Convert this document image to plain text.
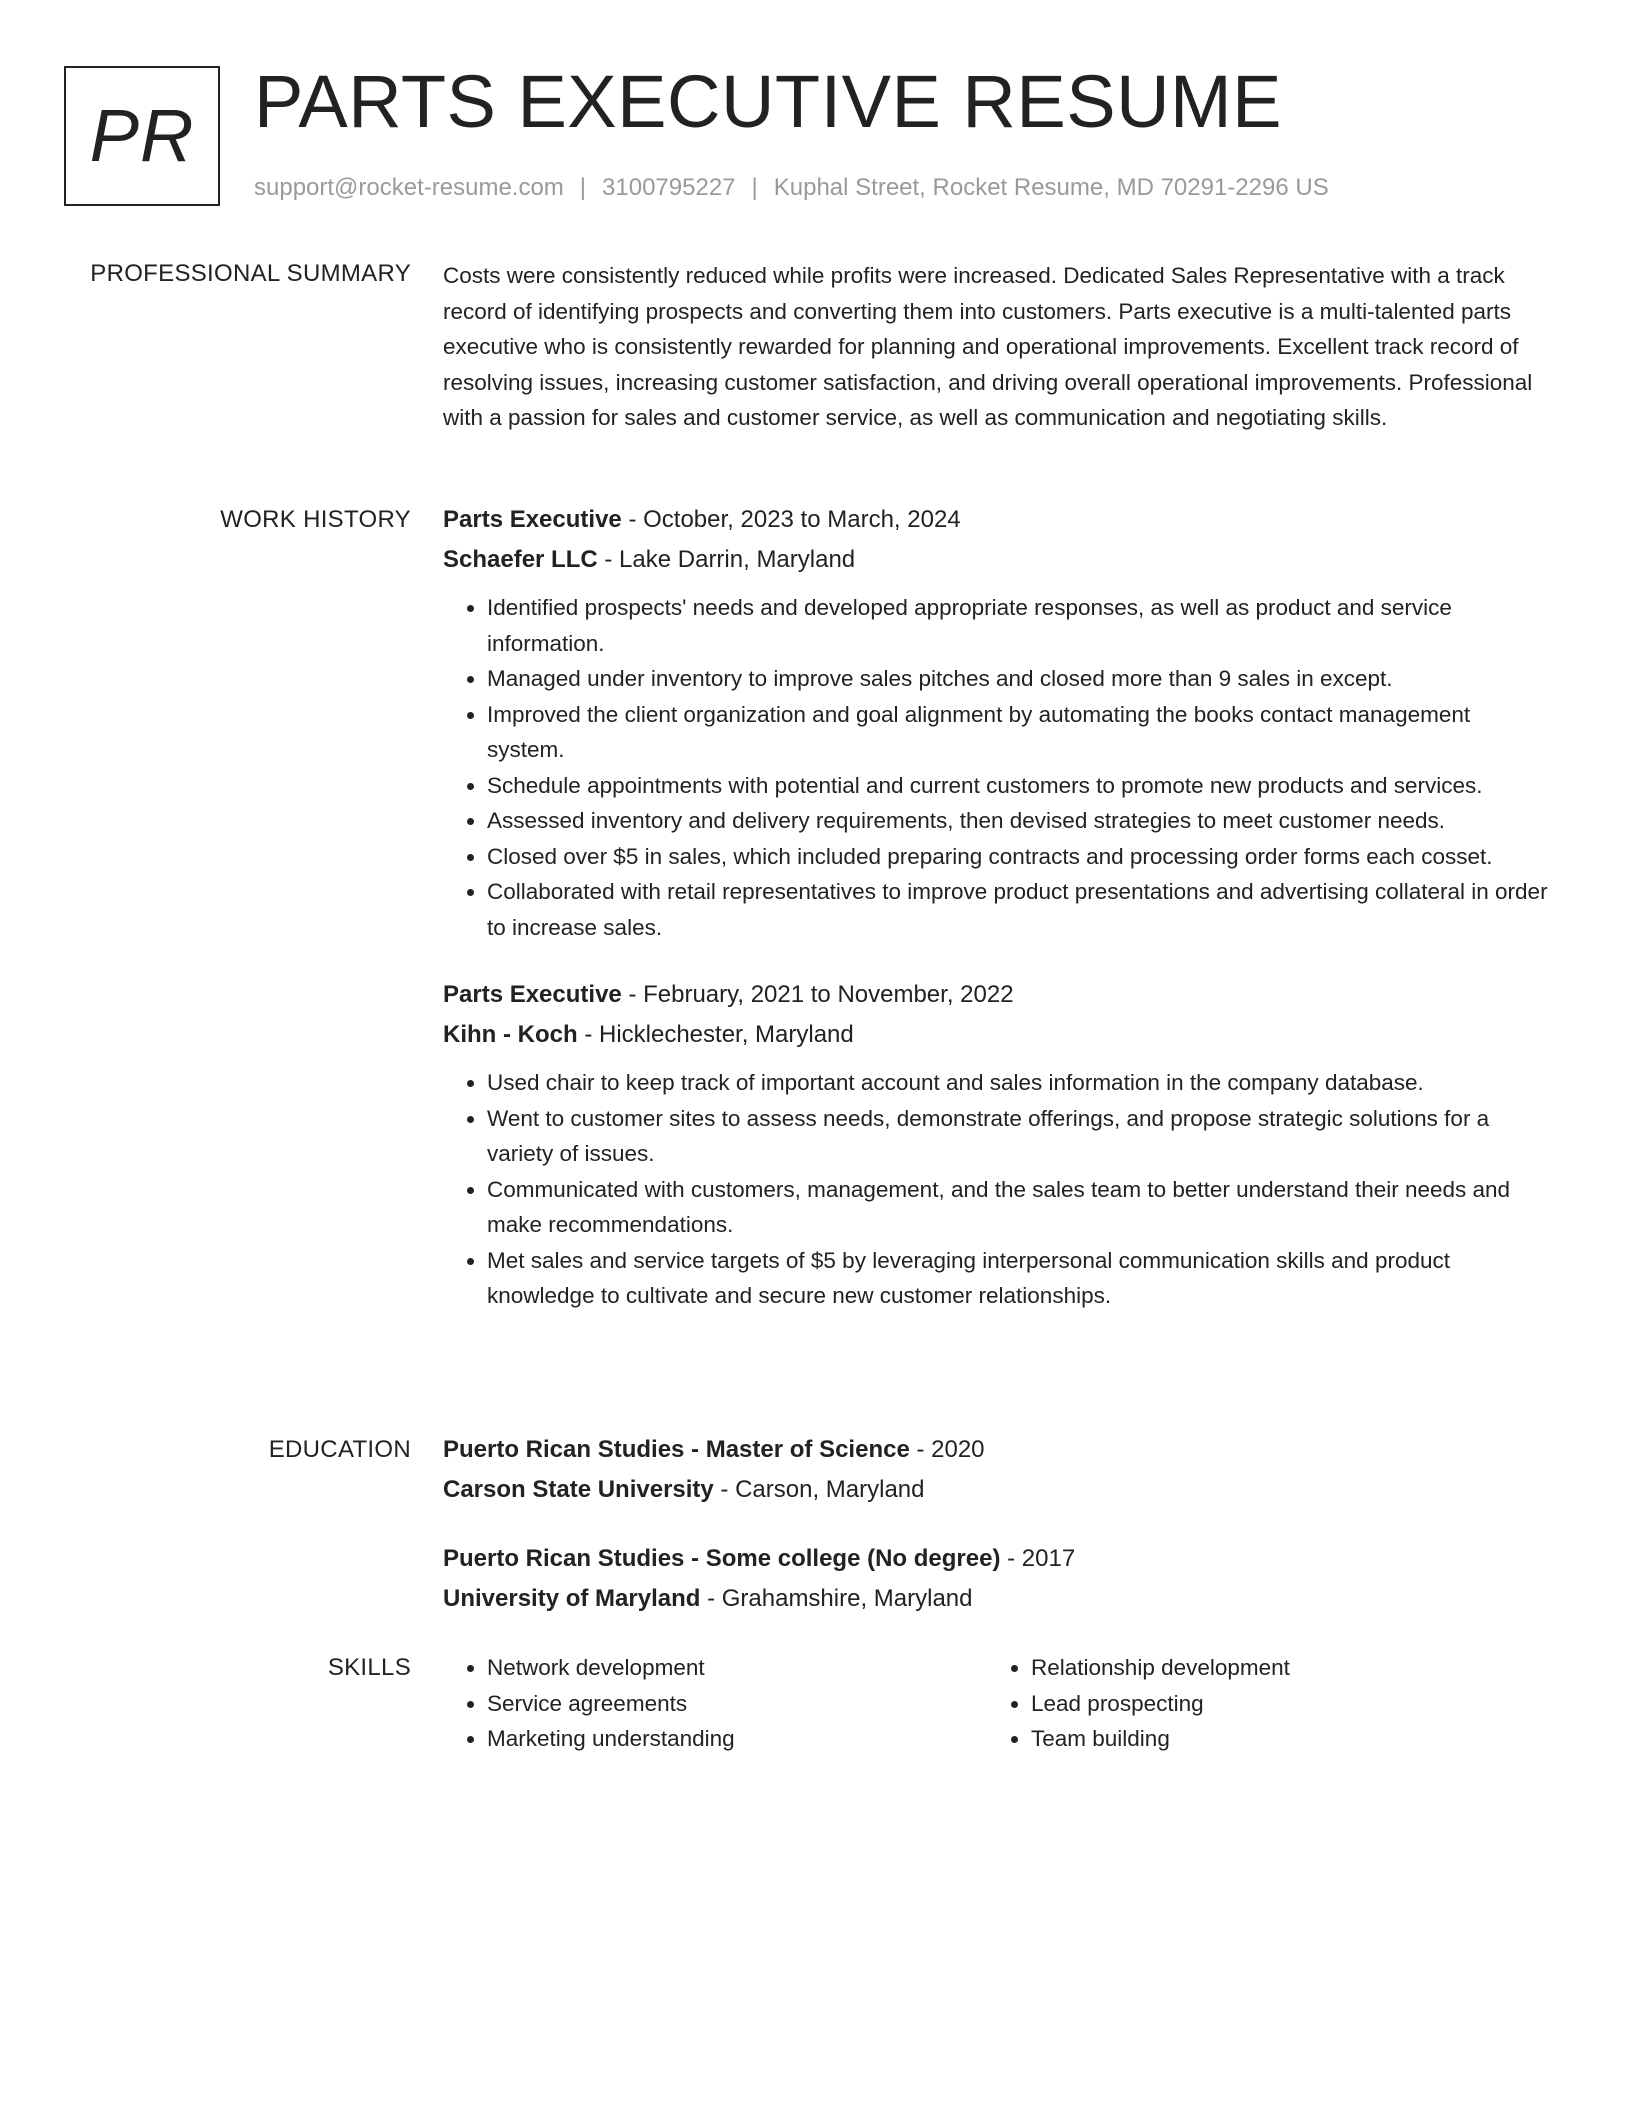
PR PARTS EXECUTIVE RESUME
support@rocket-resume.com | 3100795227 | Kuphal Street, Rocket Resume, MD 70291-2296 US
PROFESSIONAL SUMMARY Costs were consistently reduced while profits were increased. Dedicated Sales Representative with a track record of identifying prospects and converting them into customers. Parts executive is a multi-talented parts executive who is consistently rewarded for planning and operational improvements. Excellent track record of resolving issues, increasing customer satisfaction, and driving overall operational improvements. Professional with a passion for sales and customer service, as well as communication and negotiating skills.

WORK HISTORY Parts Executive - October, 2023 to March, 2024
Schaefer LLC - Lake Darrin, Maryland
• Identified prospects' needs and developed appropriate responses, as well as product and service information.
• Managed under inventory to improve sales pitches and closed more than 9 sales in except.
• Improved the client organization and goal alignment by automating the books contact management system.
• Schedule appointments with potential and current customers to promote new products and services.
• Assessed inventory and delivery requirements, then devised strategies to meet customer needs.
• Closed over $5 in sales, which included preparing contracts and processing order forms each cosset.
• Collaborated with retail representatives to improve product presentations and advertising collateral in order to increase sales.
Parts Executive - February, 2021 to November, 2022
Kihn - Koch - Hicklechester, Maryland
• Used chair to keep track of important account and sales information in the company database.
• Went to customer sites to assess needs, demonstrate offerings, and propose strategic solutions for a variety of issues.
• Communicated with customers, management, and the sales team to better understand their needs and make recommendations.
• Met sales and service targets of $5 by leveraging interpersonal communication skills and product knowledge to cultivate and secure new customer relationships.
EDUCATION Puerto Rican Studies - Master of Science - 2020
Carson State University - Carson, Maryland
Puerto Rican Studies - Some college (No degree) - 2017
University of Maryland - Grahamshire, Maryland
SKILLS
•	Network development
• Service agreements
• Marketing understanding
• Relationship development
• Lead prospecting
• Team building
